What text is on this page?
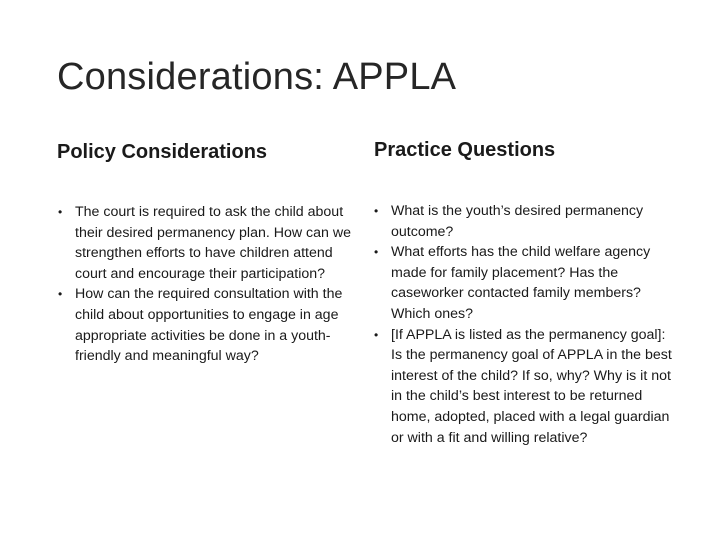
Considerations: APPLA
Policy Considerations
• The court is required to ask the child about their desired permanency plan. How can we strengthen efforts to have children attend court and encourage their participation?
• How can the required consultation with the child about opportunities to engage in age appropriate activities be done in a youth-friendly and meaningful way?
Practice Questions
• What is the youth’s desired permanency outcome?
• What efforts has the child welfare agency made for family placement? Has the caseworker contacted family members? Which ones?
• [If APPLA is listed as the permanency goal]: Is the permanency goal of APPLA in the best interest of the child? If so, why? Why is it not in the child’s best interest to be returned home, adopted, placed with a legal guardian or with a fit and willing relative?
